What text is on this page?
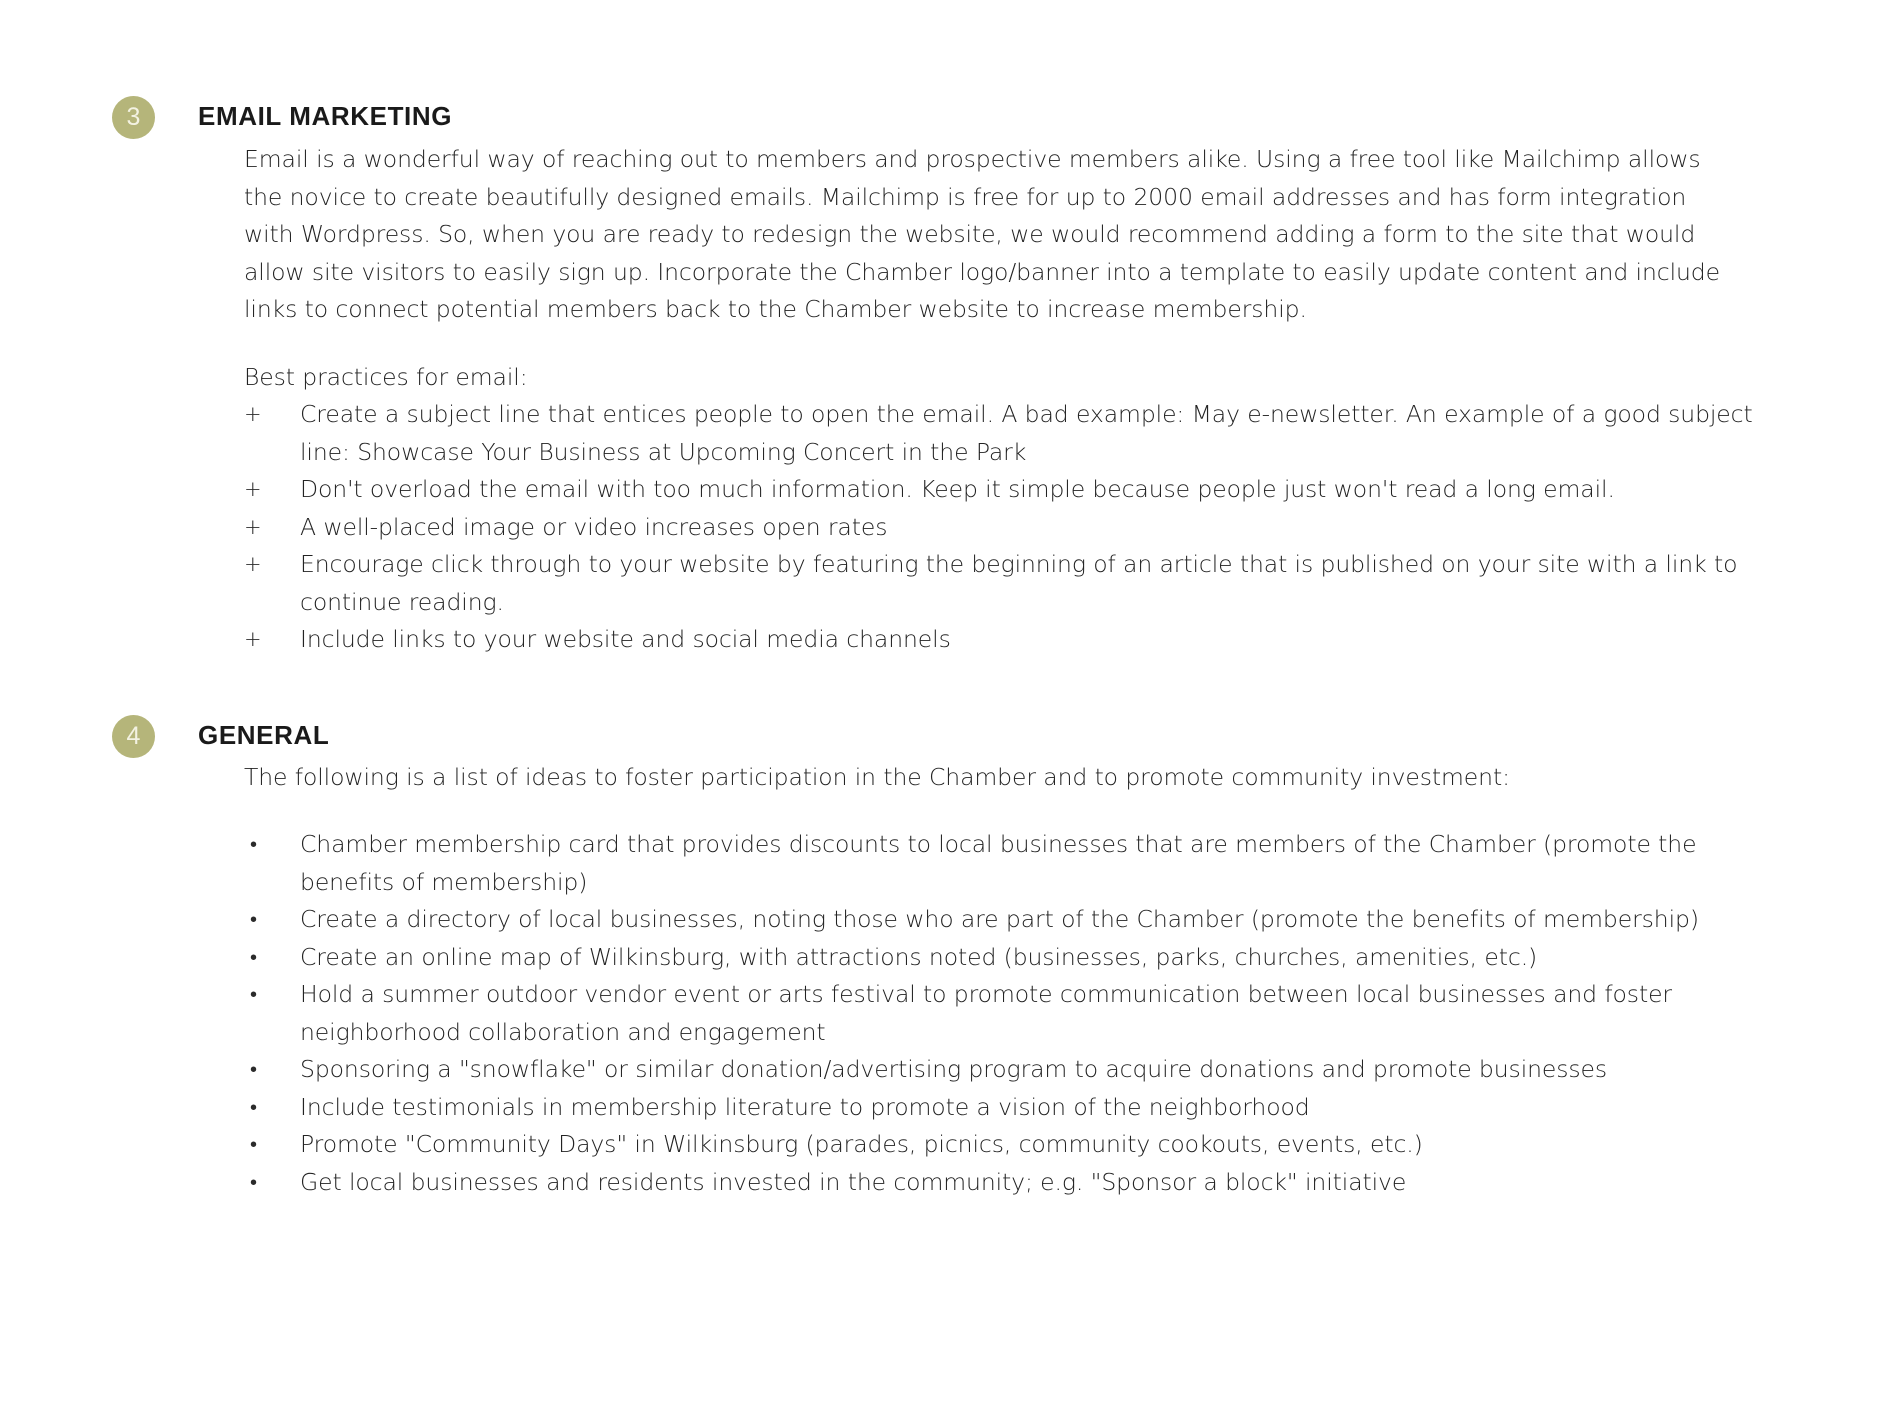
3	EMAIL MARKETING

Email is a wonderful way of reaching out to members and prospective members alike. Using a free tool like Mailchimp allows the novice to create beautifully designed emails. Mailchimp is free for up to 2000 email addresses and has form integration with Wordpress. So, when you are ready to redesign the website, we would recommend adding a form to the site that would allow site visitors to easily sign up. Incorporate the Chamber logo/banner into a template to easily update content and include links to connect potential members back to the Chamber website to increase membership.

Best practices for email:

+	Create a subject line that entices people to open the email. A bad example: May e-newsletter. An example of a good subject line: Showcase Your Business at Upcoming Concert in the Park
+	Don't overload the email with too much information. Keep it simple because people just won't read a long email.
+	A well-placed image or video increases open rates
+	Encourage click through to your website by featuring the beginning of an article that is published on your site with a link to continue reading.
+	Include links to your website and social media channels
4	GENERAL

The following is a list of ideas to foster participation in the Chamber and to promote community investment:

•	Chamber membership card that provides discounts to local businesses that are members of the Chamber (promote the benefits of membership)
•	Create a directory of local businesses, noting those who are part of the Chamber (promote the benefits of membership)
•	Create an online map of Wilkinsburg, with attractions noted (businesses, parks, churches, amenities, etc.)
•	Hold a summer outdoor vendor event or arts festival to promote communication between local businesses and foster neighborhood collaboration and engagement
•	Sponsoring a "snowflake" or similar donation/advertising program to acquire donations and promote businesses
•	Include testimonials in membership literature to promote a vision of the neighborhood
•	Promote "Community Days" in Wilkinsburg (parades, picnics, community cookouts, events, etc.)
•	Get local businesses and residents invested in the community; e.g. "Sponsor a block" initiative
